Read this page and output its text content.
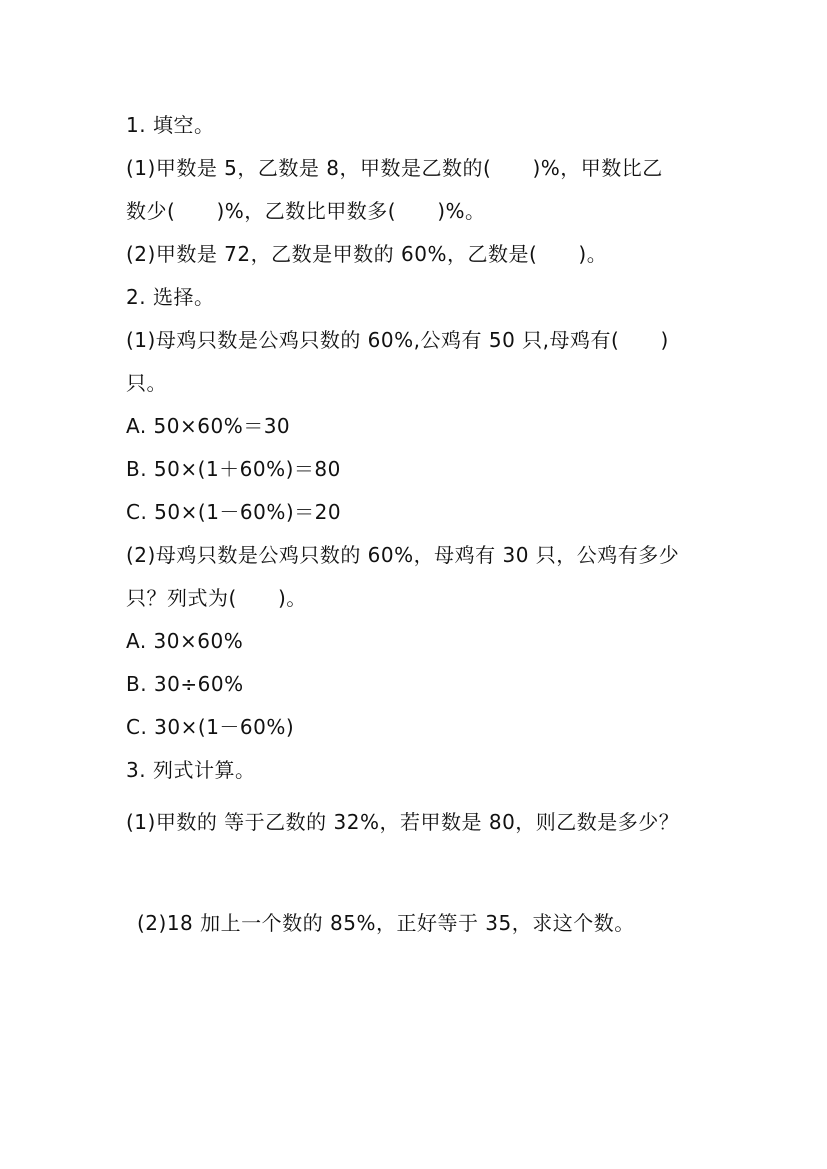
1. 填空。
(1)甲数是 5，乙数是 8，甲数是乙数的(      )%，甲数比乙
数少(      )%，乙数比甲数多(      )%。
(2)甲数是 72，乙数是甲数的 60%，乙数是(      )。
2. 选择。
(1)母鸡只数是公鸡只数的 60%,公鸡有 50 只,母鸡有(      )
只。
A. 50×60%＝30
B. 50×(1＋60%)＝80
C. 50×(1－60%)＝20
(2)母鸡只数是公鸡只数的 60%，母鸡有 30 只，公鸡有多少
只？列式为(      )。
A. 30×60%
B. 30÷60%
C. 30×(1－60%)
3. 列式计算。
(1)甲数的 等于乙数的 32%，若甲数是 80，则乙数是多少？
(2)18 加上一个数的 85%，正好等于 35，求这个数。
